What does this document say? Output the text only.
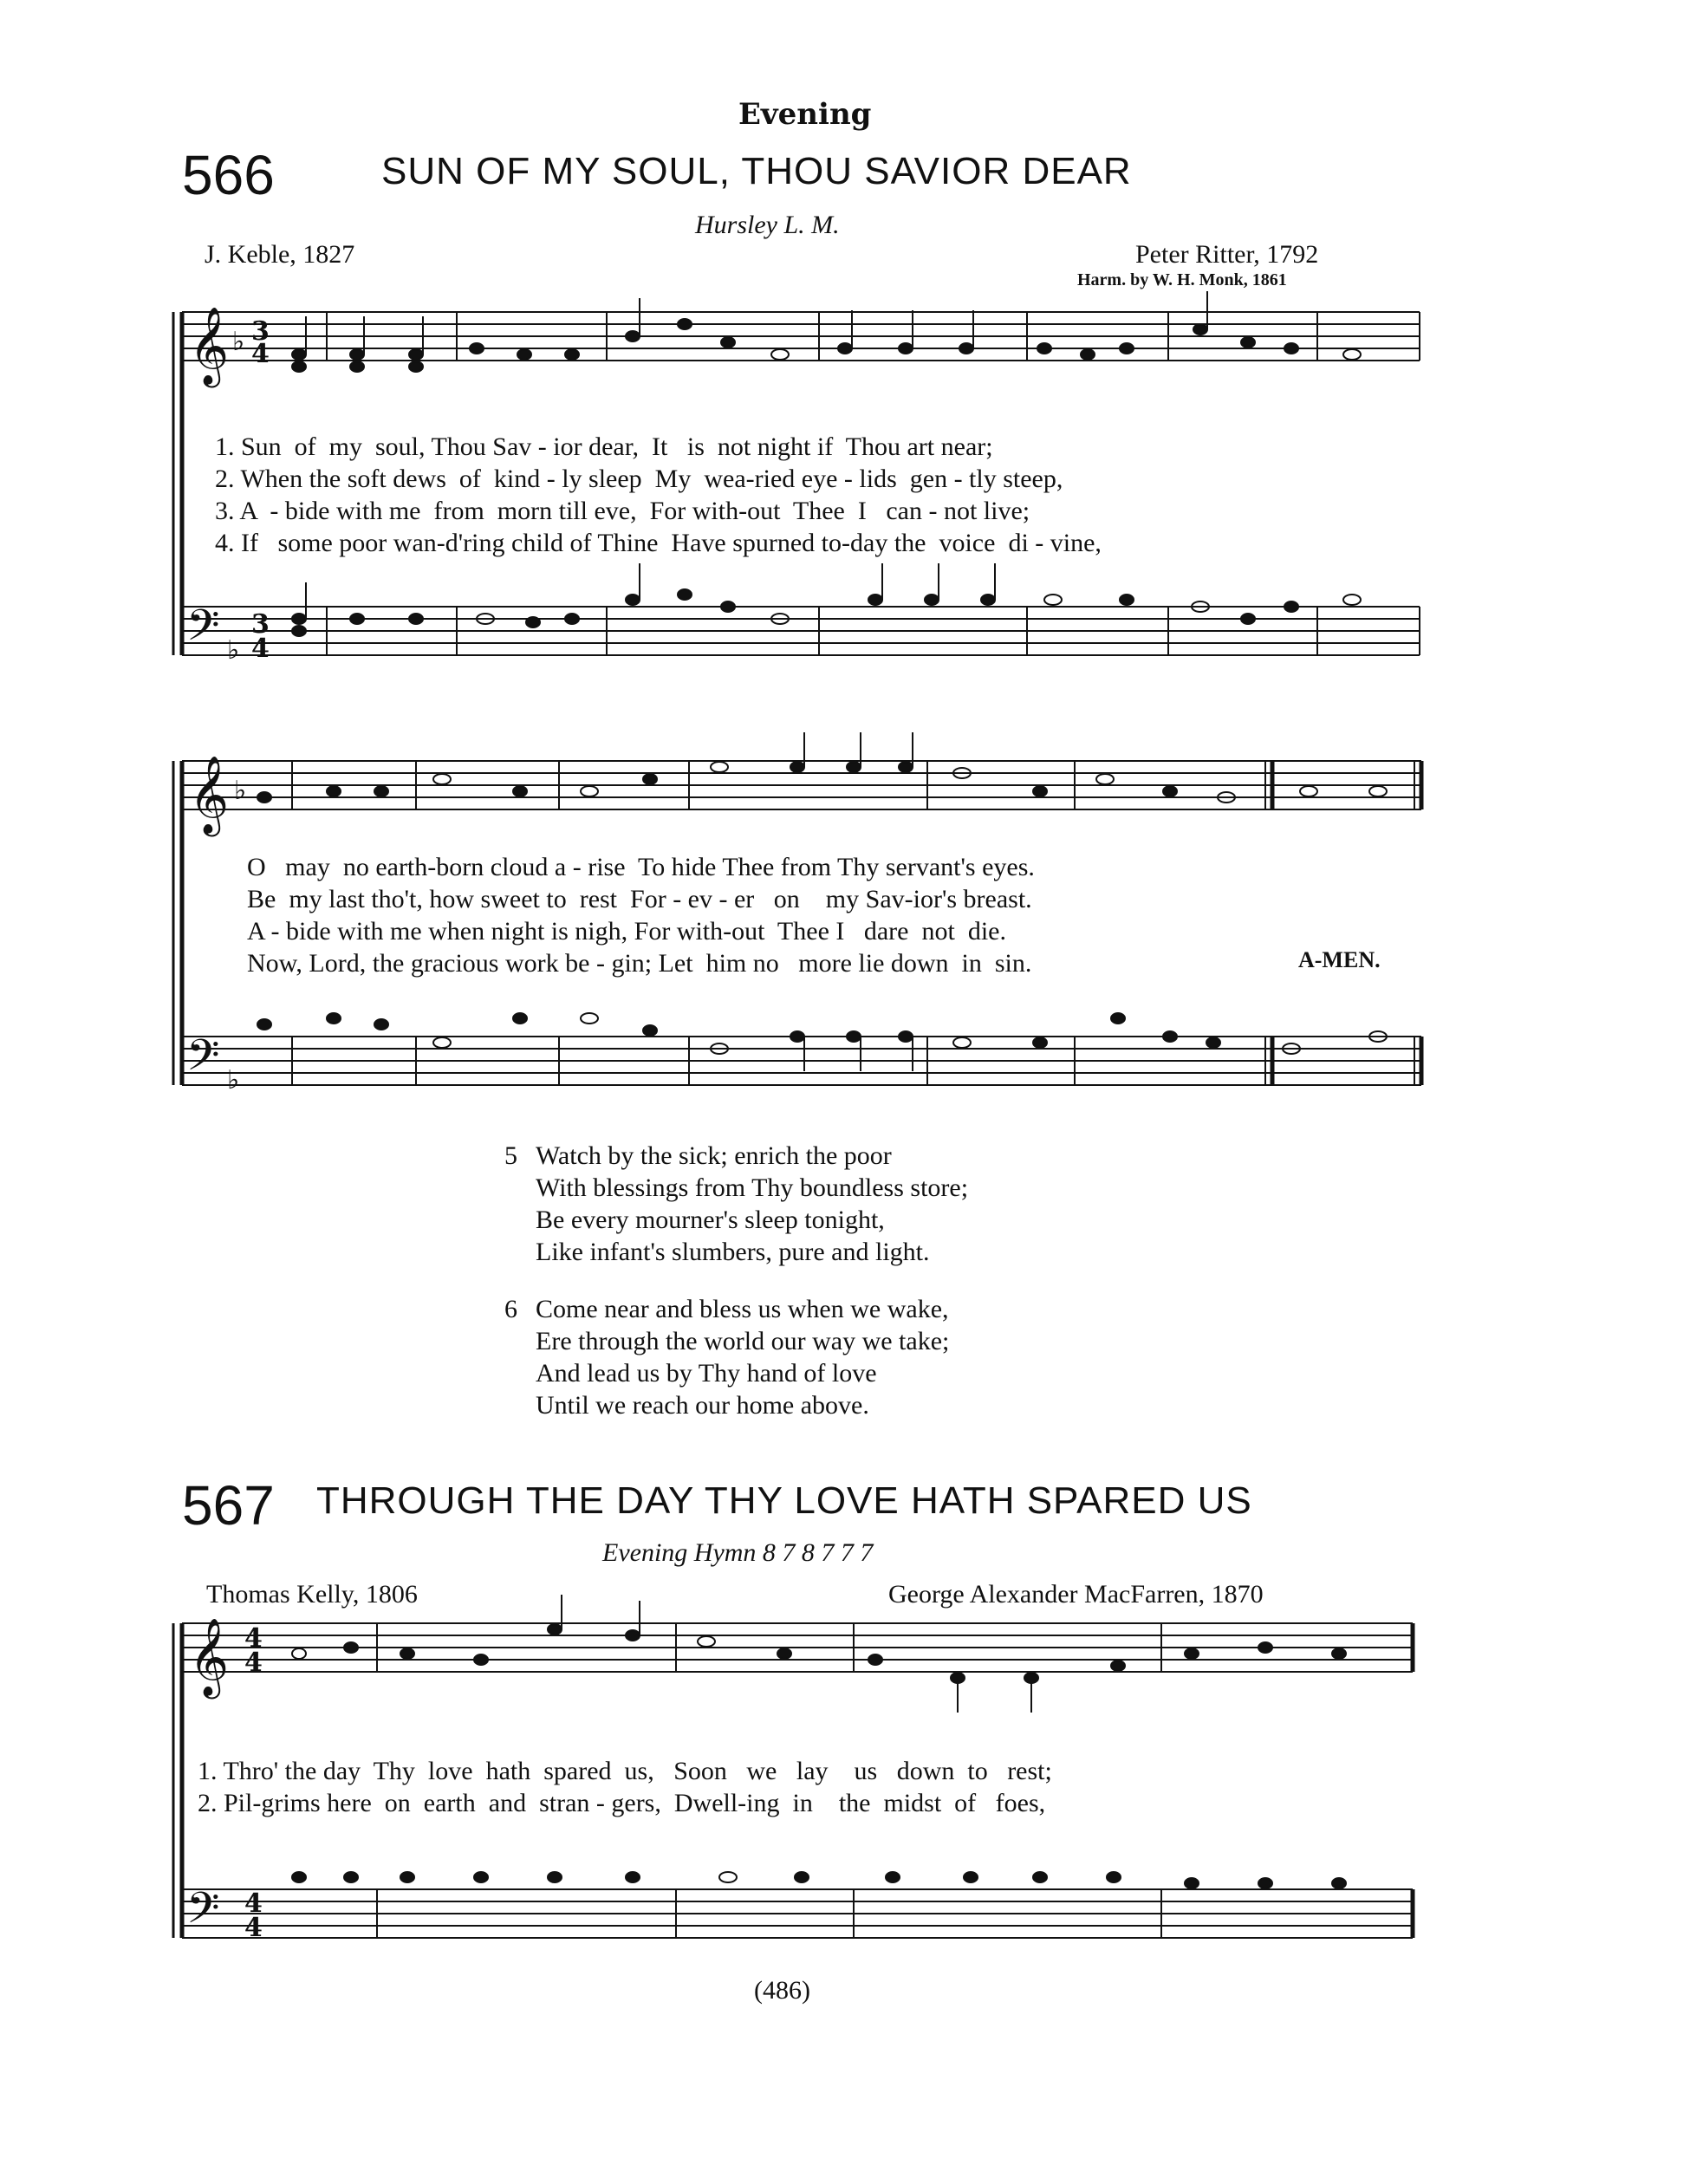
Evening
566	SUN OF MY SOUL, THOU SAVIOR DEAR
Hursley L. M.
J. Keble, 1827	Peter Ritter, 1792
Harm. by W. H. Monk, 1861
𝄞 ♭ 3
4
𝄢 ♭
3
4
𝄞 ♭
𝄢 ♭
𝄞 4
4
𝄢 4
4
1. Sun  of  my  soul, Thou Sav - ior dear,  It   is  not night if  Thou art near;
2. When the soft dews  of  kind - ly sleep  My  wea-ried eye - lids  gen - tly steep,
3. A  - bide with me  from  morn till eve,  For with-out  Thee  I   can - not live;
4. If   some poor wan-d'ring child of Thine  Have spurned to-day the  voice  di - vine,
O   may  no earth-born cloud a - rise  To hide Thee from Thy servant's eyes.
Be  my last tho't, how sweet to  rest  For - ev - er   on    my Sav-ior's breast.
A - bide with me when night is nigh, For with-out  Thee I   dare  not  die.
Now, Lord, the gracious work be - gin; Let  him no   more lie down  in  sin.	A-MEN.
5 Watch by the sick; enrich the poor
With blessings from Thy boundless store;
Be every mourner's sleep tonight,
Like infant's slumbers, pure and light.
6 Come near and bless us when we wake,
Ere through the world our way we take;
And lead us by Thy hand of love
Until we reach our home above.
567 THROUGH THE DAY THY LOVE HATH SPARED US
Evening Hymn 8 7 8 7 7 7
Thomas Kelly, 1806	George Alexander MacFarren, 1870
1. Thro' the day  Thy  love  hath  spared  us,   Soon   we   lay    us   down  to   rest;
2. Pil-grims here  on  earth  and  stran - gers,  Dwell-ing  in    the  midst  of   foes,
(486)
